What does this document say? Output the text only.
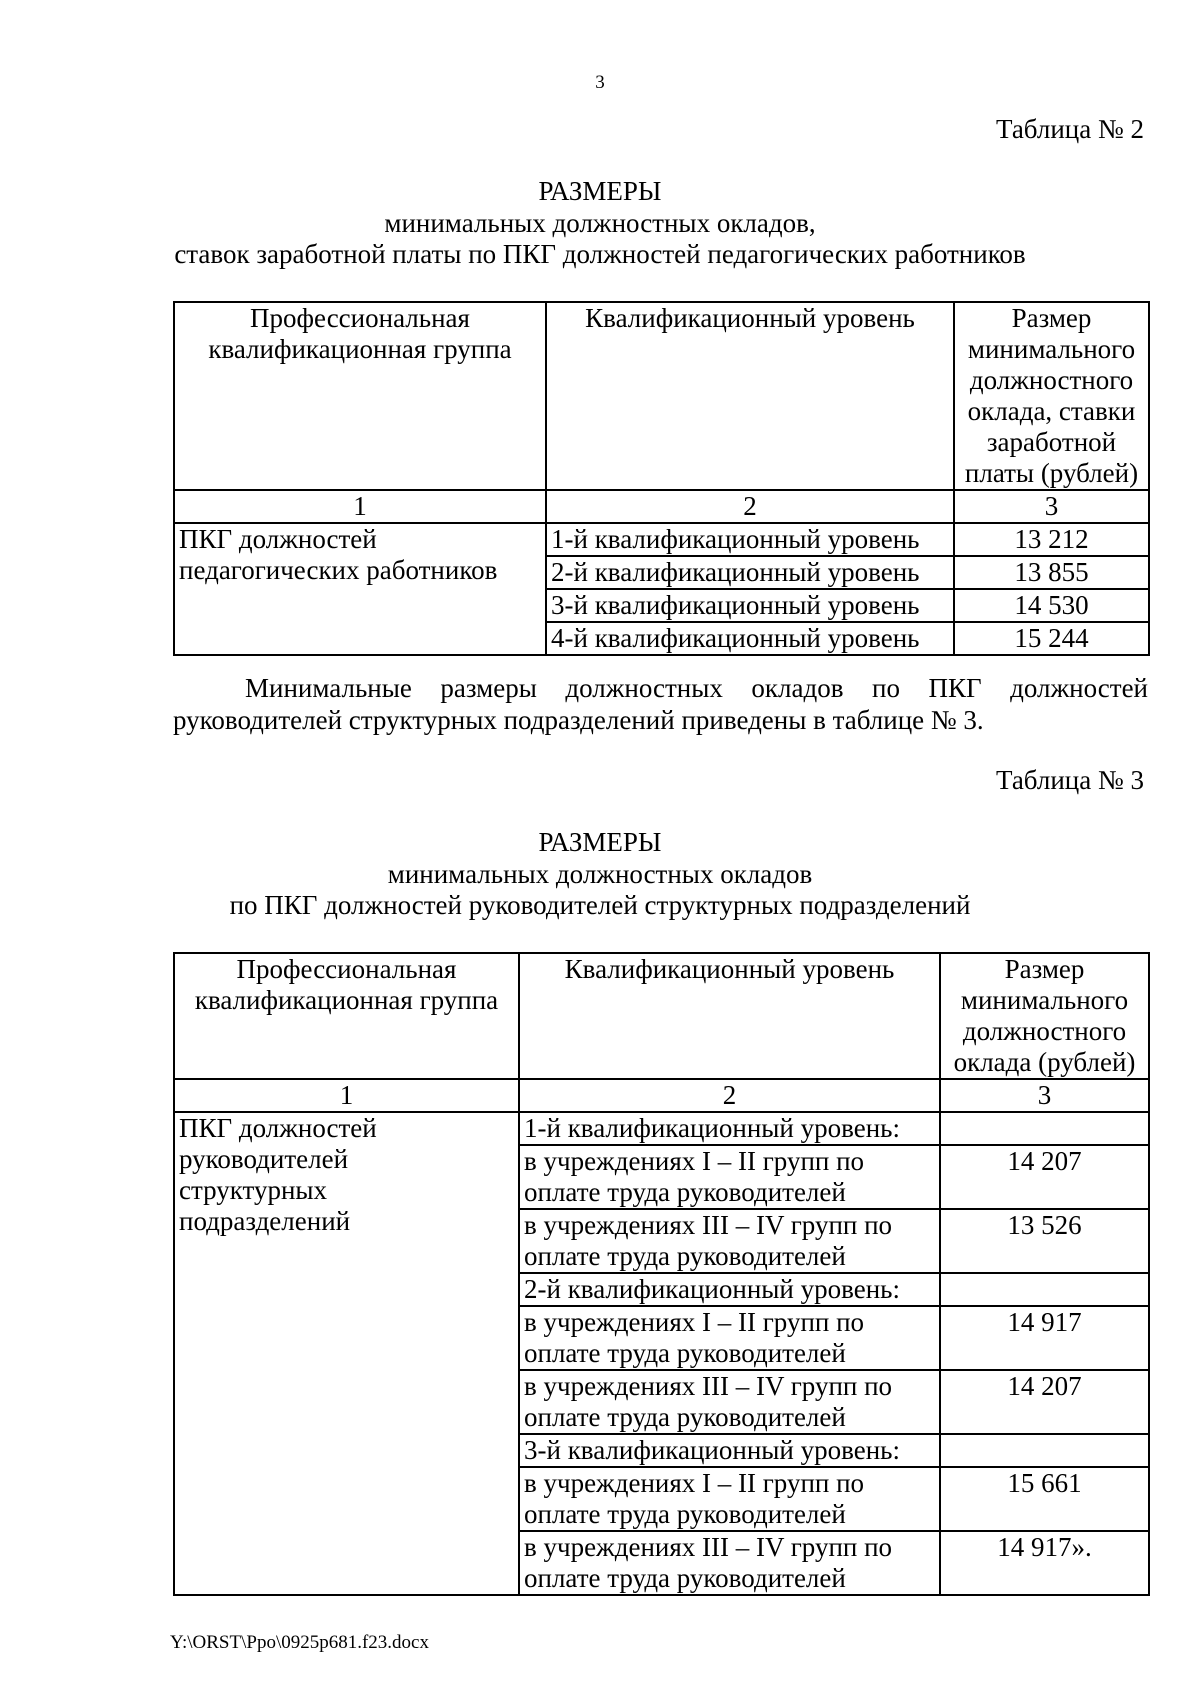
3
Таблица № 2
РАЗМЕРЫ
минимальных должностных окладов,
ставок заработной платы по ПКГ должностей педагогических работников
Профессиональная квалификационная группа	Квалификационный уровень	Размер минимального должностного оклада, ставки заработной платы (рублей)
1	2	3
ПКГ должностей педагогических работников	1-й квалификационный уровень	13 212
	2-й квалификационный уровень	13 855
	3-й квалификационный уровень	14 530
	4-й квалификационный уровень	15 244
Минимальные размеры должностных окладов по ПКГ должностей руководителей структурных подразделений приведены в таблице № 3.
Таблица № 3
РАЗМЕРЫ
минимальных должностных окладов
по ПКГ должностей руководителей структурных подразделений
Профессиональная квалификационная группа	Квалификационный уровень	Размер минимального должностного оклада (рублей)
1	2	3

ПКГ должностей руководителей структурных подразделений	1-й квалификационный уровень:	
	в учреждениях I – II групп по оплате труда руководителей	14 207
	в учреждениях III – IV групп по оплате труда руководителей	13 526
	2-й квалификационный уровень:	
	в учреждениях I – II групп по оплате труда руководителей	14 917
	в учреждениях III – IV групп по оплате труда руководителей	14 207
	3-й квалификационный уровень:	
	в учреждениях I – II групп по оплате труда руководителей	15 661
	в учреждениях III – IV групп по оплате труда руководителей	14 917».
Y:\ORST\Ppo\0925p681.f23.docx
